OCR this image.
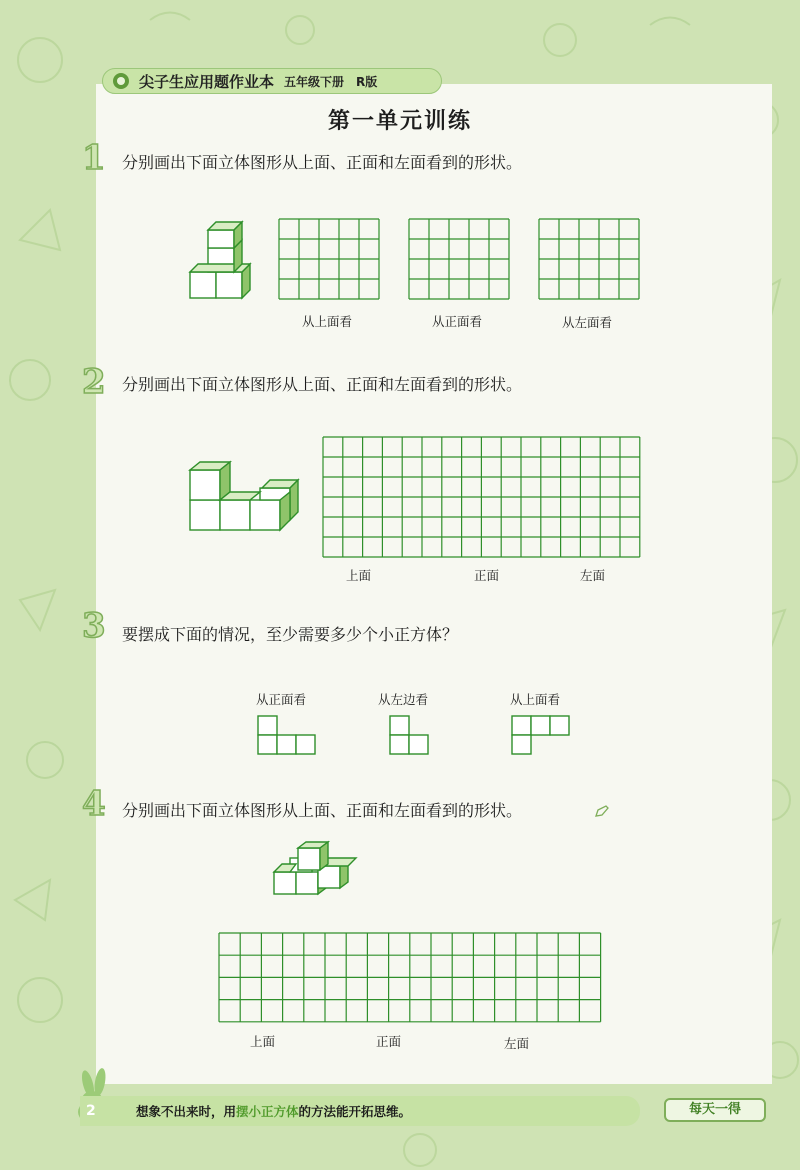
尖子生应用题作业本 五年级下册　R版
第一单元训练
1 分别画出下面立体图形从上面、正面和左面看到的形状。
从上面看	从正面看	从左面看
2 分别画出下面立体图形从上面、正面和左面看到的形状。
上面	正面	左面
3 要摆成下面的情况，至少需要多少个小正方体？
从正面看	从左边看	从上面看
4 分别画出下面立体图形从上面、正面和左面看到的形状。
上面	正面	左面
2	想象不出来时，用摆小正方体的方法能开拓思维。	每天一得
